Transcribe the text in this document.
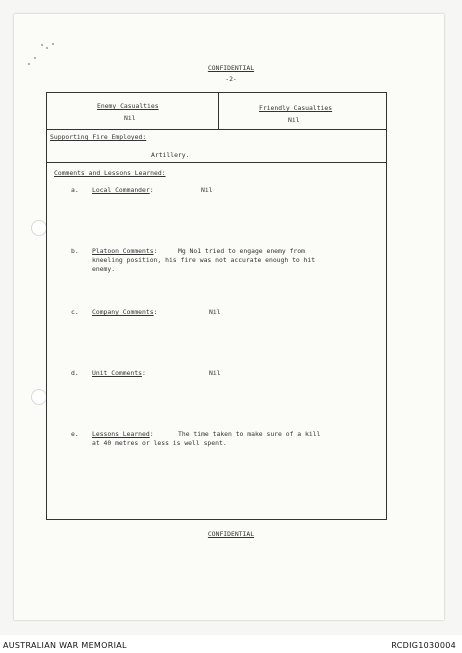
CONFIDENTIAL
-2-
Enemy Casualties
Nil
Friendly Casualties
Nil
Supporting Fire Employed:
Artillery.
Comments and Lessons Learned:
a. Local Commander:	Nil
b. Platoon Comments:	Mg No1 tried to engage enemy from
kneeling position, his fire was not accurate enough to hit
enemy.
c. Company Comments:	Nil
d. Unit Comments:	Nil
e. Lessons Learned:	The time taken to make sure of a kill
at 40 metres or less is well spent.
CONFIDENTIAL
AUSTRALIAN WAR MEMORIAL	RCDIG1030004
